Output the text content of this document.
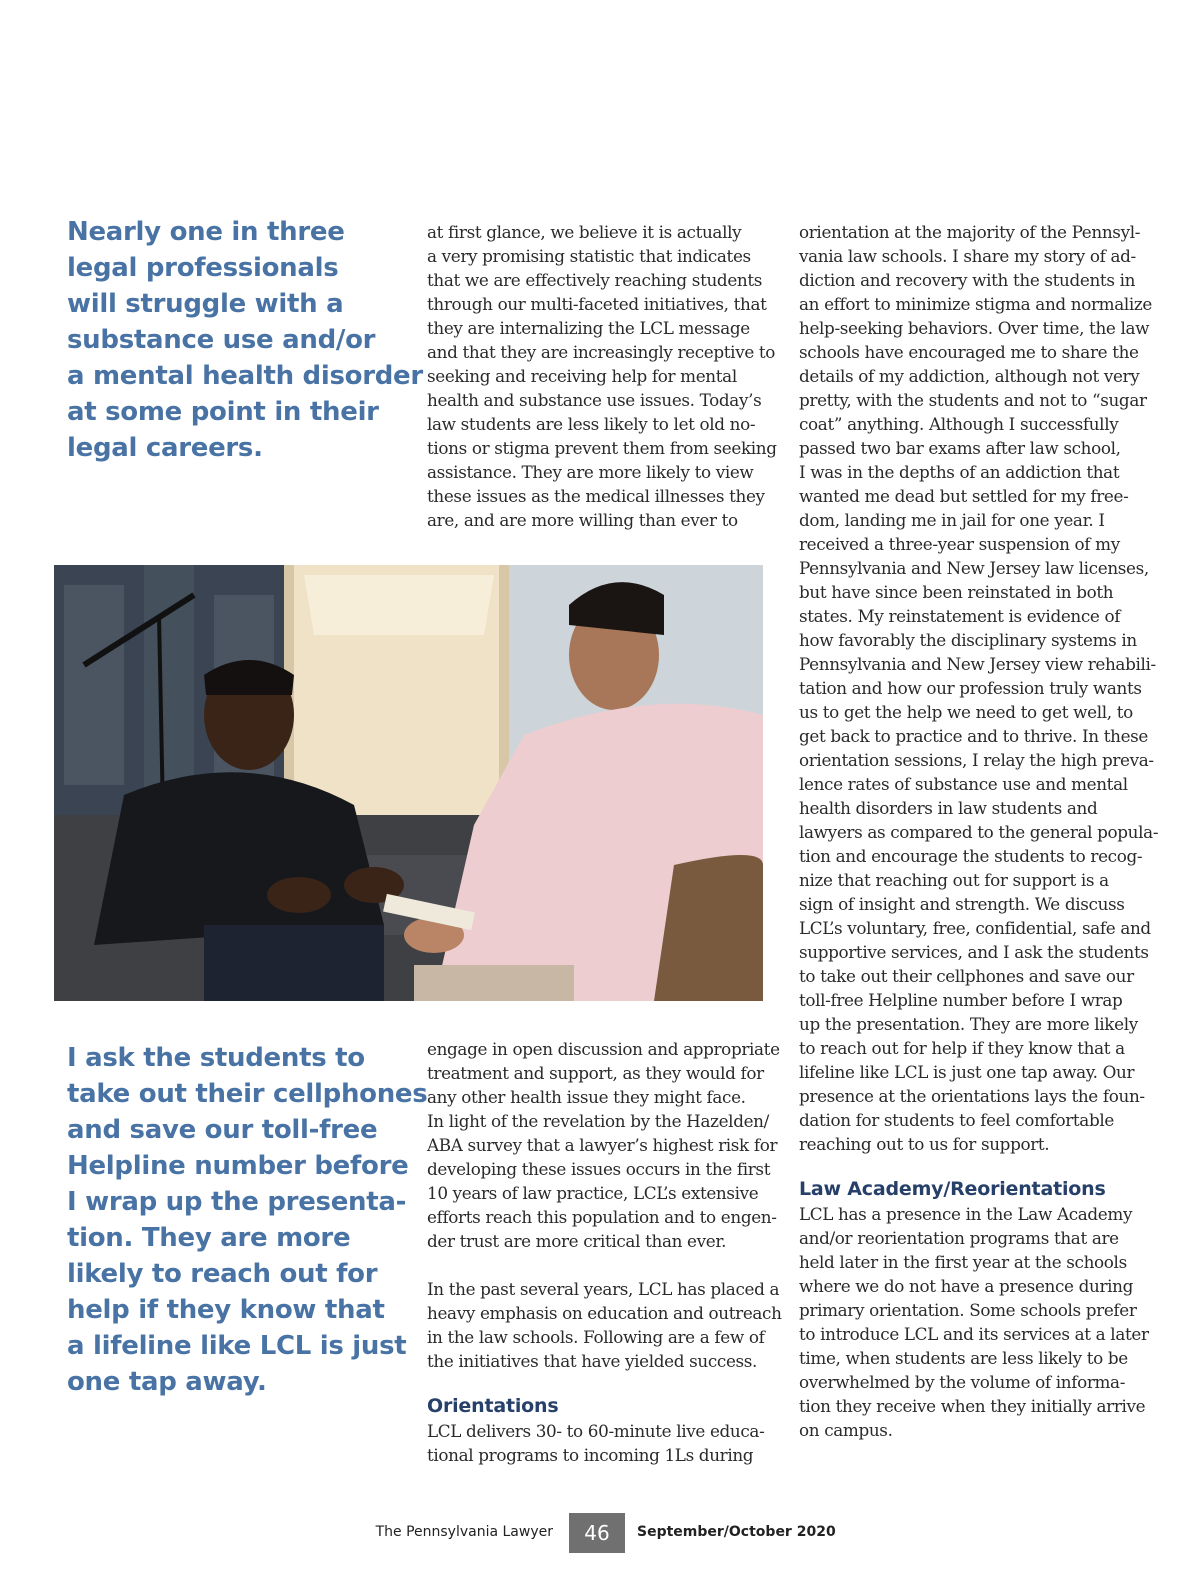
Nearly one in three
legal professionals
will struggle with a
substance use and/or
a mental health disorder
at some point in their
legal careers.
I ask the students to
take out their cellphones
and save our toll-free
Helpline number before
I wrap up the presenta-
tion. They are more
likely to reach out for
help if they know that
a lifeline like LCL is just
one tap away.
at first glance, we believe it is actually
a very promising statistic that indicates
that we are effectively reaching students
through our multi-faceted initiatives, that
they are internalizing the LCL message
and that they are increasingly receptive to
seeking and receiving help for mental
health and substance use issues. Today’s
law students are less likely to let old no-
tions or stigma prevent them from seeking
assistance. They are more likely to view
these issues as the medical illnesses they
are, and are more willing than ever to
engage in open discussion and appropriate
treatment and support, as they would for
any other health issue they might face.
In light of the revelation by the Hazelden/
ABA survey that a lawyer’s highest risk for
developing these issues occurs in the first
10 years of law practice, LCL’s extensive
efforts reach this population and to engen-
der trust are more critical than ever.
In the past several years, LCL has placed a
heavy emphasis on education and outreach
in the law schools. Following are a few of
the initiatives that have yielded success.
Orientations
LCL delivers 30- to 60-minute live educa-
tional programs to incoming 1Ls during
orientation at the majority of the Pennsyl-
vania law schools. I share my story of ad-
diction and recovery with the students in
an effort to minimize stigma and normalize
help-seeking behaviors. Over time, the law
schools have encouraged me to share the
details of my addiction, although not very
pretty, with the students and not to “sugar
coat” anything. Although I successfully
passed two bar exams after law school,
I was in the depths of an addiction that
wanted me dead but settled for my free-
dom, landing me in jail for one year. I
received a three-year suspension of my
Pennsylvania and New Jersey law licenses,
but have since been reinstated in both
states. My reinstatement is evidence of
how favorably the disciplinary systems in
Pennsylvania and New Jersey view rehabili-
tation and how our profession truly wants
us to get the help we need to get well, to
get back to practice and to thrive. In these
orientation sessions, I relay the high preva-
lence rates of substance use and mental
health disorders in law students and
lawyers as compared to the general popula-
tion and encourage the students to recog-
nize that reaching out for support is a
sign of insight and strength. We discuss
LCL’s voluntary, free, confidential, safe and
supportive services, and I ask the students
to take out their cellphones and save our
toll-free Helpline number before I wrap
up the presentation. They are more likely
to reach out for help if they know that a
lifeline like LCL is just one tap away. Our
presence at the orientations lays the foun-
dation for students to feel comfortable
reaching out to us for support.
Law Academy/Reorientations
LCL has a presence in the Law Academy
and/or reorientation programs that are
held later in the first year at the schools
where we do not have a presence during
primary orientation. Some schools prefer
to introduce LCL and its services at a later
time, when students are less likely to be
overwhelmed by the volume of informa-
tion they receive when they initially arrive
on campus.
The Pennsylvania Lawyer	46	September/October 2020
